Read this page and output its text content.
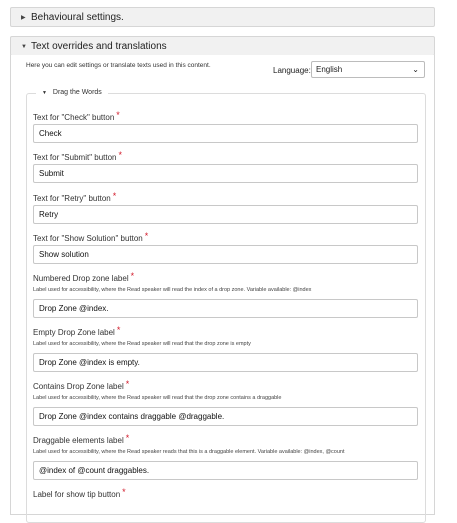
▶ Behavioural settings.
▼ Text overrides and translations
Here you can edit settings or translate texts used in this content.
Language: English	⌄
▼ Drag the Words
Text for "Check" button *
Check
Text for "Submit" button *
Submit
Text for "Retry" button *
Retry
Text for "Show Solution" button *
Show solution
Numbered Drop zone label *
Label used for accessibility, where the Read speaker will read the index of a drop zone. Variable available: @index
Drop Zone @index.
Empty Drop Zone label *
Label used for accessibility, where the Read speaker will read that the drop zone is empty
Drop Zone @index is empty.
Contains Drop Zone label *
Label used for accessibility, where the Read speaker will read that the drop zone contains a draggable
Drop Zone @index contains draggable @draggable.
Draggable elements label *
Label used for accessibility, where the Read speaker reads that this is a draggable element. Variable available: @index, @count
@index of @count draggables.
Label for show tip button *
